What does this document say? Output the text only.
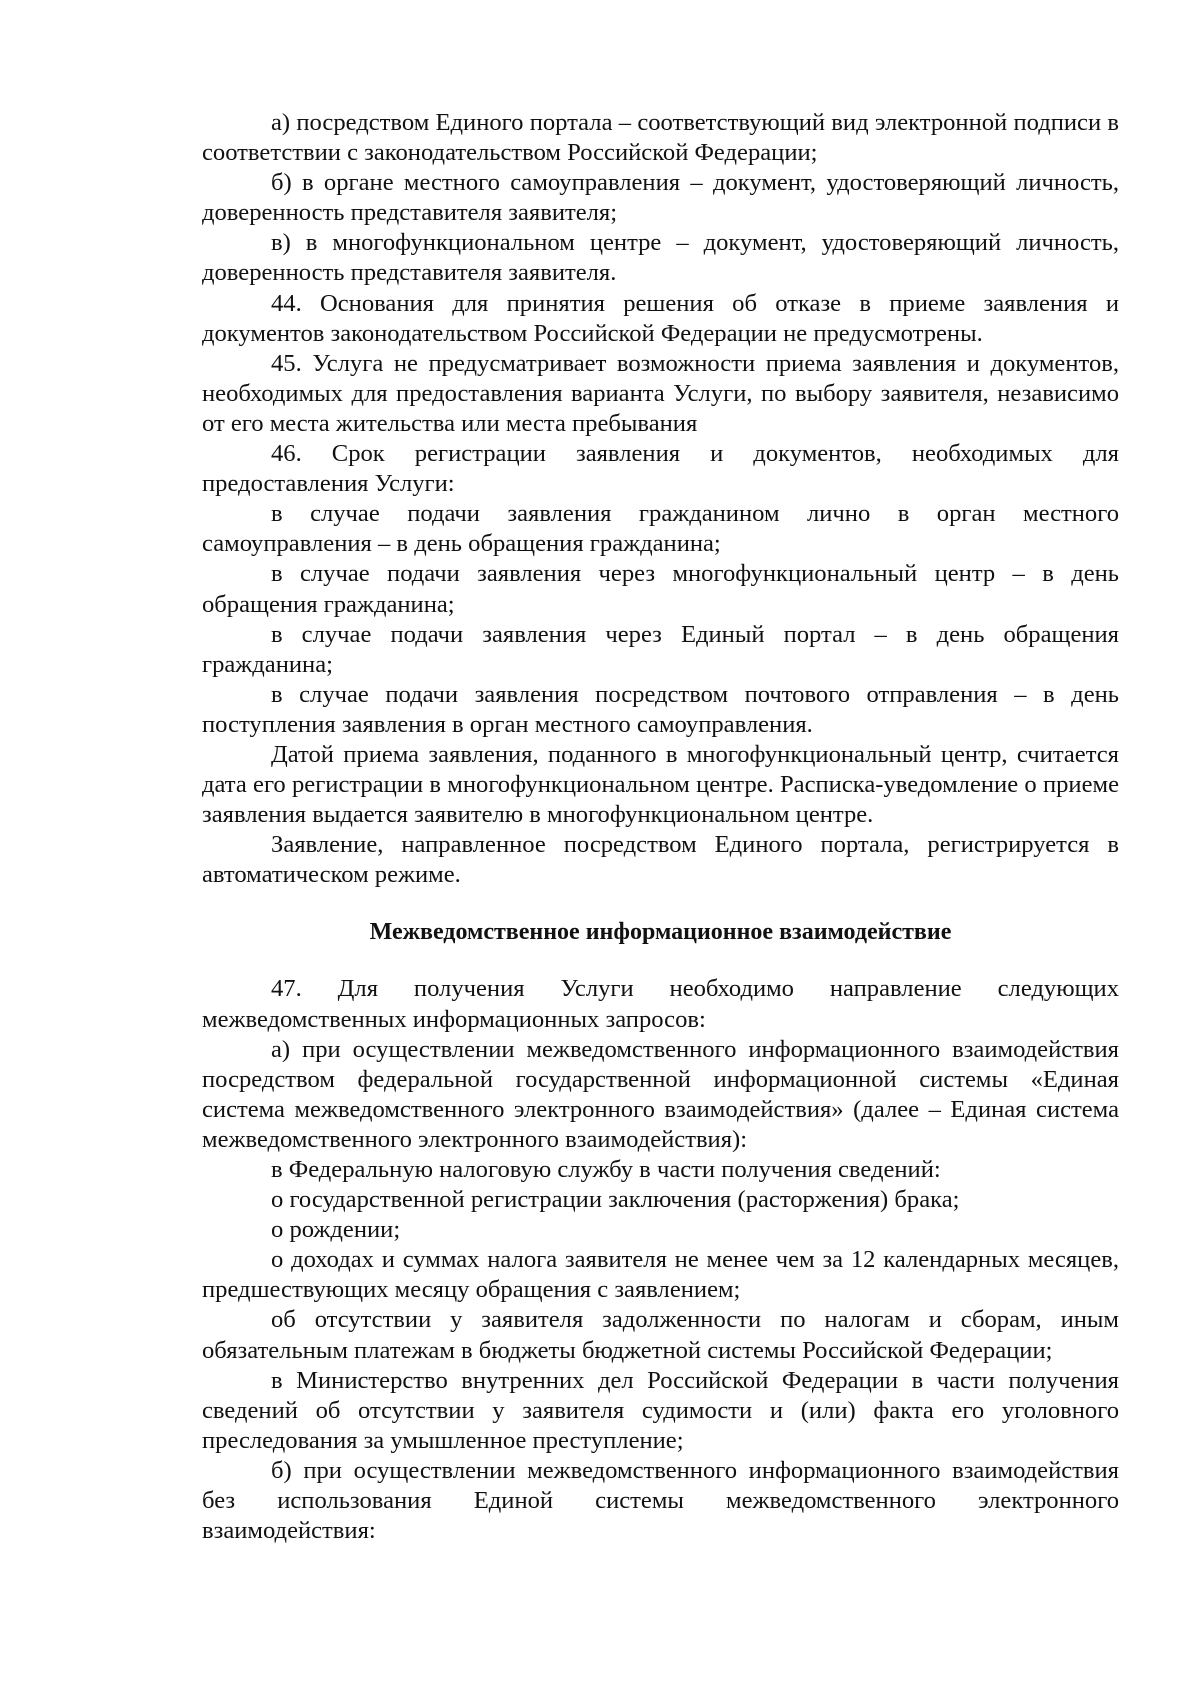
а) посредством Единого портала – соответствующий вид электронной подписи в соответствии с законодательством Российской Федерации;

б) в органе местного самоуправления – документ, удостоверяющий личность, доверенность представителя заявителя;

в) в многофункциональном центре – документ, удостоверяющий личность, доверенность представителя заявителя.

44. Основания для принятия решения об отказе в приеме заявления и документов законодательством Российской Федерации не предусмотрены.

45. Услуга не предусматривает возможности приема заявления и документов, необходимых для предоставления варианта Услуги, по выбору заявителя, независимо от его места жительства или места пребывания

46. Срок регистрации заявления и документов, необходимых для предоставления Услуги:

в случае подачи заявления гражданином лично в орган местного самоуправления – в день обращения гражданина;

в случае подачи заявления через многофункциональный центр – в день обращения гражданина;

в случае подачи заявления через Единый портал – в день обращения гражданина;

в случае подачи заявления посредством почтового отправления – в день поступления заявления в орган местного самоуправления.

Датой приема заявления, поданного в многофункциональный центр, считается дата его регистрации в многофункциональном центре. Расписка-уведомление о приеме заявления выдается заявителю в многофункциональном центре.

Заявление, направленное посредством Единого портала, регистрируется в автоматическом режиме.

Межведомственное информационное взаимодействие

47. Для получения Услуги необходимо направление следующих межведомственных информационных запросов:

а) при осуществлении межведомственного информационного взаимодействия посредством федеральной государственной информационной системы «Единая система межведомственного электронного взаимодействия» (далее – Единая система межведомственного электронного взаимодействия):

в Федеральную налоговую службу в части получения сведений:

о государственной регистрации заключения (расторжения) брака;

о рождении;

о доходах и суммах налога заявителя не менее чем за 12 календарных месяцев, предшествующих месяцу обращения с заявлением;

об отсутствии у заявителя задолженности по налогам и сборам, иным обязательным платежам в бюджеты бюджетной системы Российской Федерации;

в Министерство внутренних дел Российской Федерации в части получения сведений об отсутствии у заявителя судимости и (или) факта его уголовного преследования за умышленное преступление;

б) при осуществлении межведомственного информационного взаимодействия без использования Единой системы межведомственного электронного взаимодействия:
